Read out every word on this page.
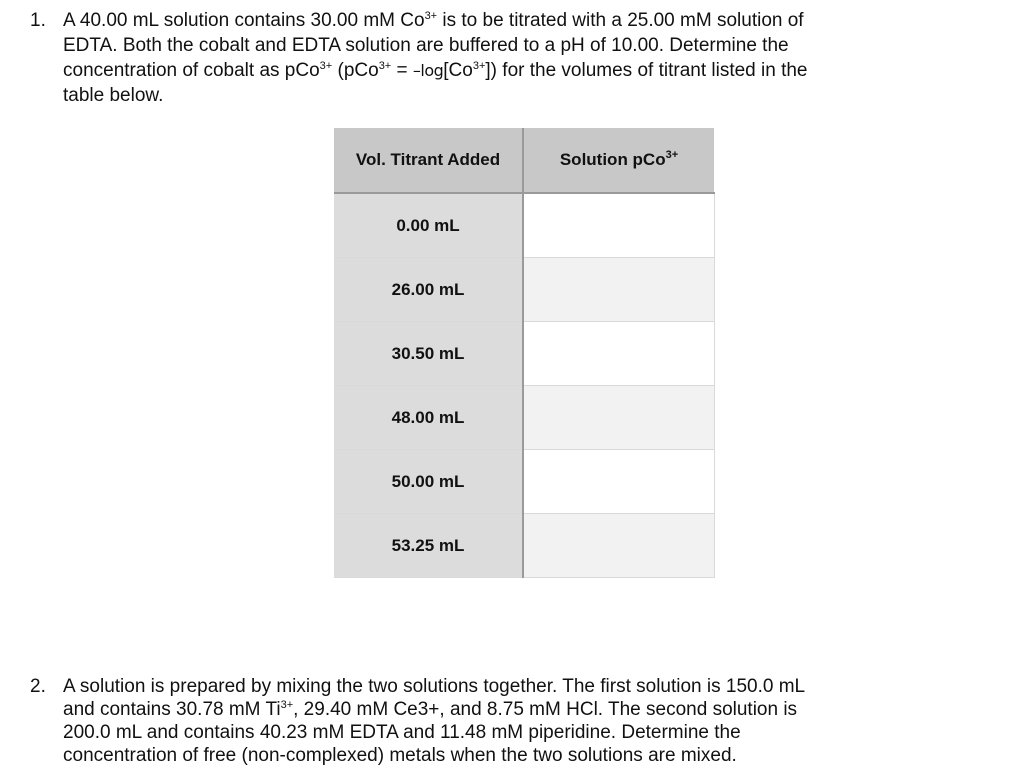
1. A 40.00 mL solution contains 30.00 mM $Co^{3+}$ is to be titrated with a 25.00 mM solution of
EDTA. Both the cobalt and EDTA solution are buffered to a pH of 10.00. Determine the
concentration of cobalt as pCo$^{3+}$ $(pCo^{3+} = -\log[Co^{3+}])$ for the volumes of titrant listed in the
table below.
Vol. Titrant Added	Solution pCo$^{3+}$
0.00 mL	
26.00 mL	
30.50 mL	
48.00 mL	
50.00 mL	
53.25 mL	
2. A solution is prepared by mixing the two solutions together. The first solution is 150.0 mL
and contains 30.78 mM $Ti^{3+}$, 29.40 mM Ce3+, and 8.75 mM HCl. The second solution is
200.0 mL and contains 40.23 mM EDTA and 11.48 mM piperidine. Determine the
concentration of free (non-complexed) metals when the two solutions are mixed.
